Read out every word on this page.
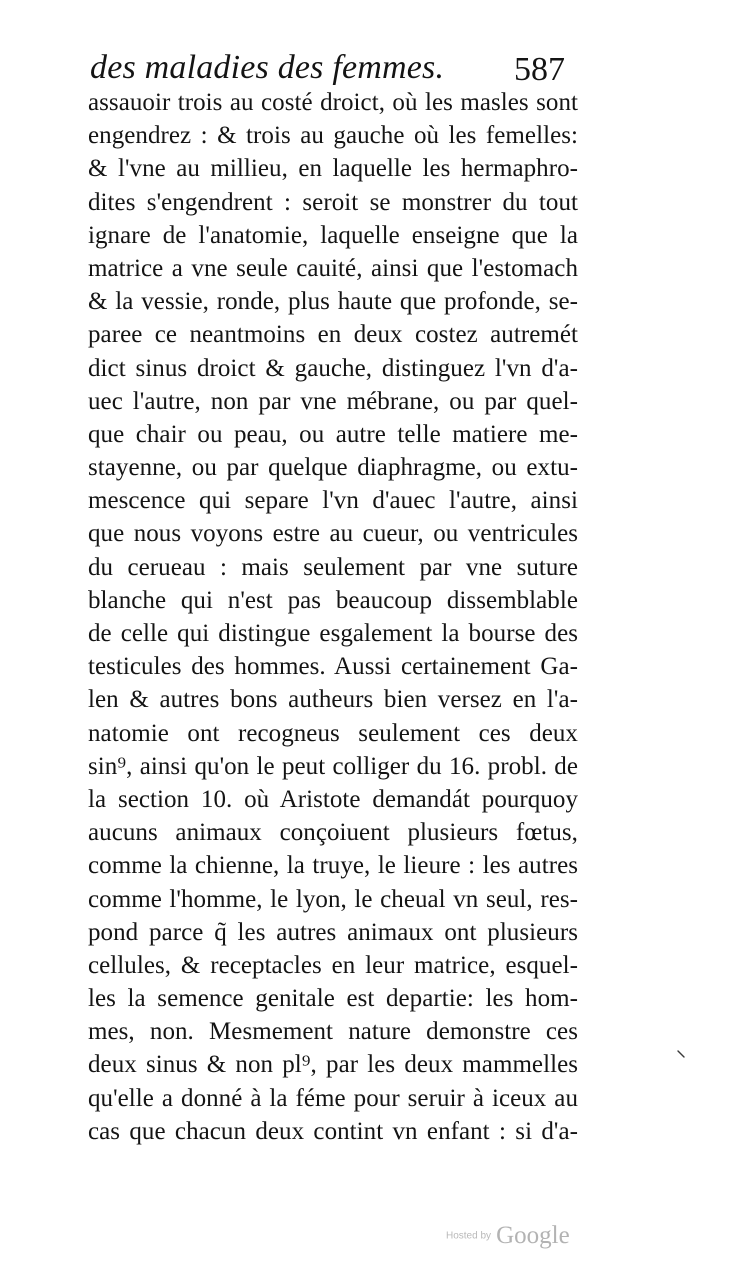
des maladies des femmes. 587
assauoir trois au costé droict, où les masles sont
engendrez : & trois au gauche où les femelles:
& l'vne au millieu, en laquelle les hermaphro-
dites s'engendrent : seroit se monstrer du tout
ignare de l'anatomie, laquelle enseigne que la
matrice a vne seule cauité, ainsi que l'estomach
& la vessie, ronde, plus haute que profonde, se-
paree ce neantmoins en deux costez autremét
dict sinus droict & gauche, distinguez l'vn d'a-
uec l'autre, non par vne mébrane, ou par quel-
que chair ou peau, ou autre telle matiere me-
stayenne, ou par quelque diaphragme, ou extu-
mescence qui separe l'vn d'auec l'autre, ainsi
que nous voyons estre au cueur, ou ventricules
du cerueau : mais seulement par vne suture
blanche qui n'est pas beaucoup dissemblable
de celle qui distingue esgalement la bourse des
testicules des hommes. Aussi certainement Ga-
len & autres bons autheurs bien versez en l'a-
natomie ont recogneus seulement ces deux
sin⁹, ainsi qu'on le peut colliger du 16. probl. de
la section 10. où Aristote demandát pourquoy
aucuns animaux conçoiuent plusieurs fœtus,
comme la chienne, la truye, le lieure : les autres
comme l'homme, le lyon, le cheual vn seul, res-
pond parce q̃ les autres animaux ont plusieurs
cellules, & receptacles en leur matrice, esquel-
les la semence genitale est departie: les hom-
mes, non. Mesmement nature demonstre ces
deux sinus & non pl⁹, par les deux mammelles
qu'elle a donné à la féme pour seruir à iceux au
cas que chacun deux contint vn enfant : si d'a-
Hosted by Google
